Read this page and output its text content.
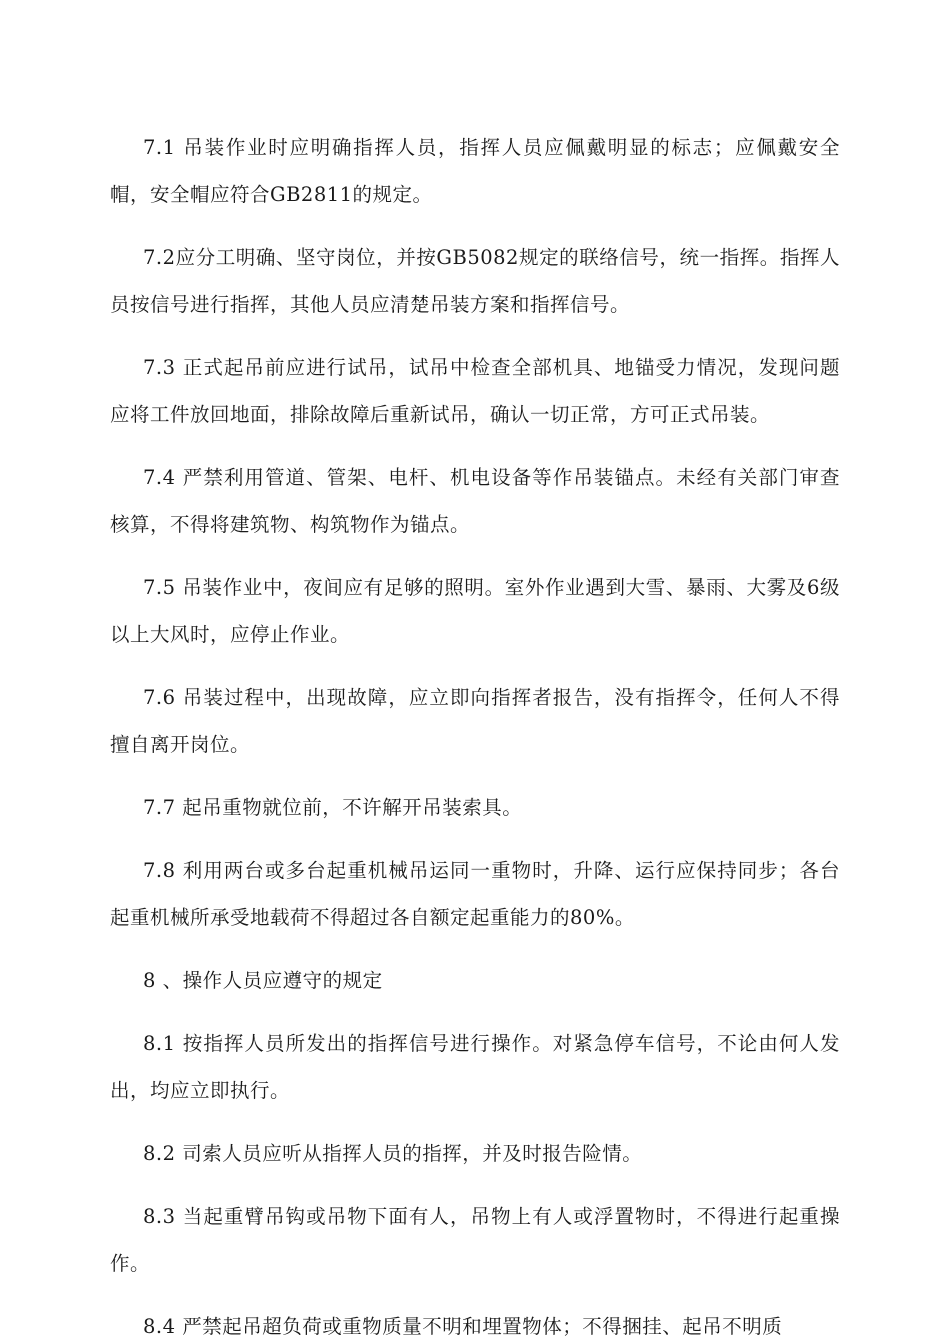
7.1 吊装作业时应明确指挥人员，指挥人员应佩戴明显的标志；应佩戴安全帽，安全帽应符合GB2811的规定。

7.2应分工明确、坚守岗位，并按GB5082规定的联络信号，统一指挥。指挥人员按信号进行指挥，其他人员应清楚吊装方案和指挥信号。

7.3 正式起吊前应进行试吊，试吊中检查全部机具、地锚受力情况，发现问题应将工件放回地面，排除故障后重新试吊，确认一切正常，方可正式吊装。

7.4 严禁利用管道、管架、电杆、机电设备等作吊装锚点。未经有关部门审查核算，不得将建筑物、构筑物作为锚点。

7.5 吊装作业中，夜间应有足够的照明。室外作业遇到大雪、暴雨、大雾及6级以上大风时，应停止作业。

7.6 吊装过程中，出现故障，应立即向指挥者报告，没有指挥令，任何人不得擅自离开岗位。

7.7 起吊重物就位前，不许解开吊装索具。

7.8 利用两台或多台起重机械吊运同一重物时，升降、运行应保持同步；各台起重机械所承受地载荷不得超过各自额定起重能力的80%。

8 、操作人员应遵守的规定

8.1 按指挥人员所发出的指挥信号进行操作。对紧急停车信号，不论由何人发出，均应立即执行。

8.2 司索人员应听从指挥人员的指挥，并及时报告险情。

8.3 当起重臂吊钩或吊物下面有人，吊物上有人或浮置物时，不得进行起重操作。

8.4 严禁起吊超负荷或重物质量不明和埋置物体；不得捆挂、起吊不明质
